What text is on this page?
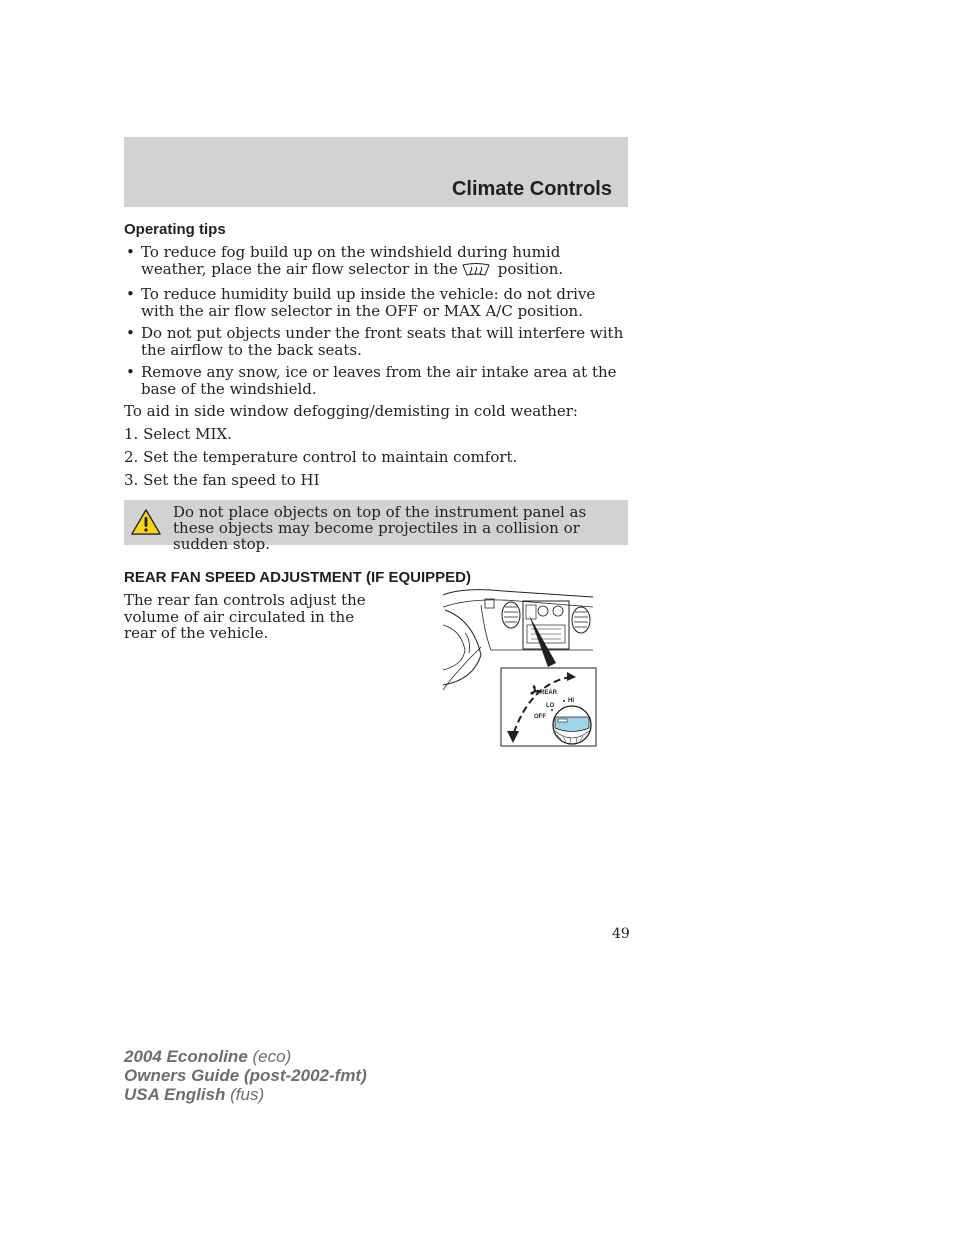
Climate Controls
Operating tips
• To reduce fog build up on the windshield during humid weather, place the air flow selector in the	position.
• To reduce humidity build up inside the vehicle: do not drive with the air flow selector in the OFF or MAX A/C position.
• Do not put objects under the front seats that will interfere with the airflow to the back seats.
• Remove any snow, ice or leaves from the air intake area at the base of the windshield.

To aid in side window defogging/demisting in cold weather:

1. Select MIX.

2. Set the temperature control to maintain comfort.

3. Set the fan speed to HI

Do not place objects on top of the instrument panel as these objects may become projectiles in a collision or sudden stop.
REAR FAN SPEED ADJUSTMENT (IF EQUIPPED)

The rear fan controls adjust the volume of air circulated in the rear of the vehicle.

REAR
LO
HI
OFF
49
2004 Econoline (eco)
Owners Guide (post-2002-fmt)
USA English (fus)
